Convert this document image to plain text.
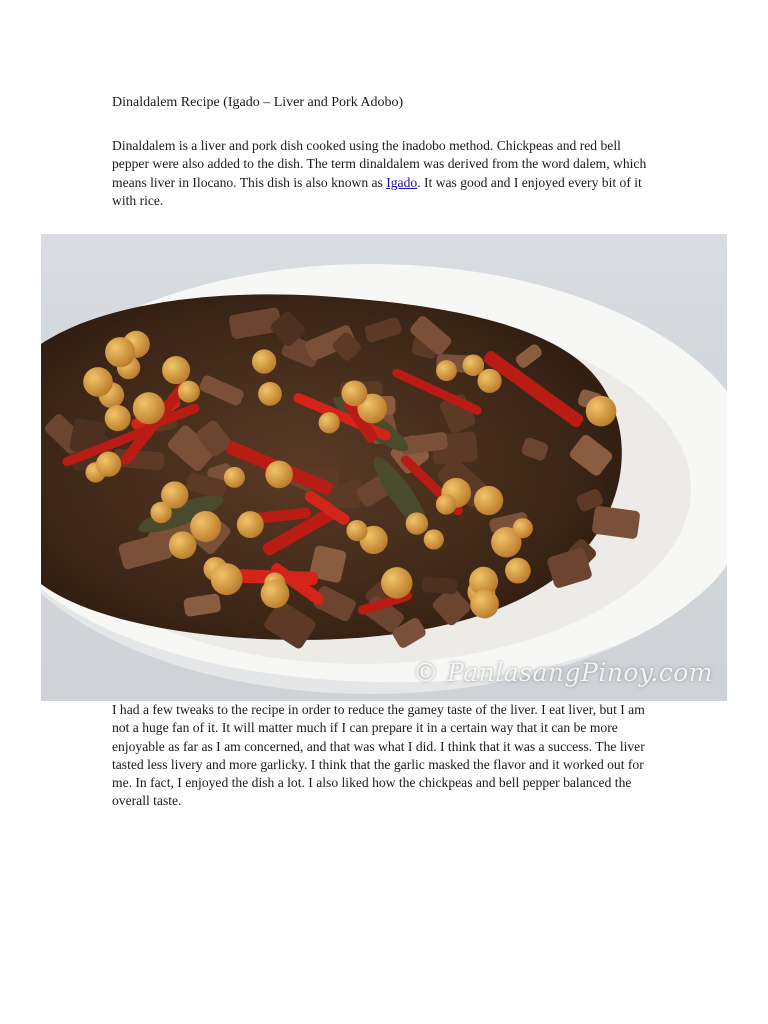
Dinaldalem Recipe (Igado – Liver and Pork Adobo)
Dinaldalem is a liver and pork dish cooked using the inadobo method. Chickpeas and red bell pepper were also added to the dish. The term dinaldalem was derived from the word dalem, which means liver in Ilocano. This dish is also known as Igado. It was good and I enjoyed every bit of it with rice.
© PanlasangPinoy.com
I had a few tweaks to the recipe in order to reduce the gamey taste of the liver. I eat liver, but I am not a huge fan of it. It will matter much if I can prepare it in a certain way that it can be more enjoyable as far as I am concerned, and that was what I did. I think that it was a success. The liver tasted less livery and more garlicky. I think that the garlic masked the flavor and it worked out for me. In fact, I enjoyed the dish a lot. I also liked how the chickpeas and bell pepper balanced the overall taste.
